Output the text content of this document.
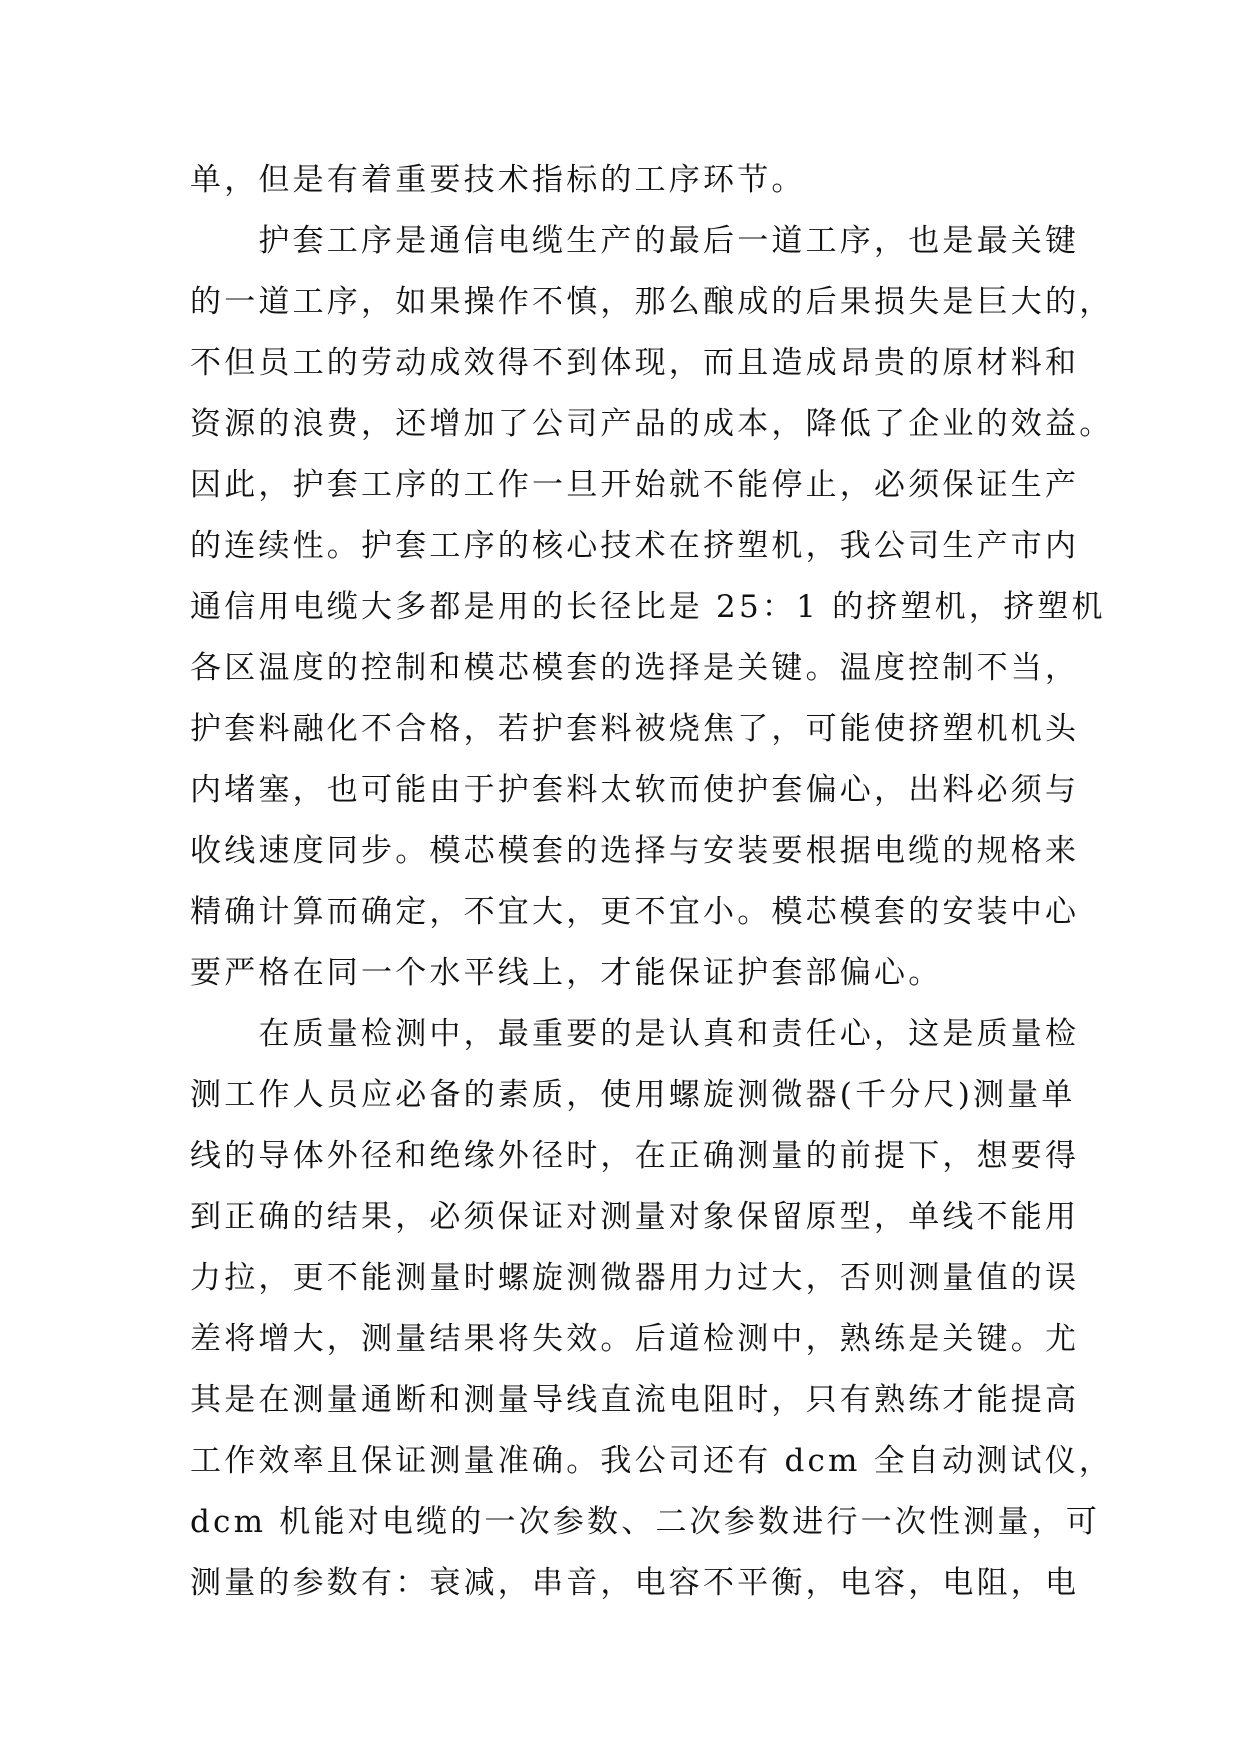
单，但是有着重要技术指标的工序环节。
　　护套工序是通信电缆生产的最后一道工序，也是最关键
的一道工序，如果操作不慎，那么酿成的后果损失是巨大的，
不但员工的劳动成效得不到体现，而且造成昂贵的原材料和
资源的浪费，还增加了公司产品的成本，降低了企业的效益。
因此，护套工序的工作一旦开始就不能停止，必须保证生产
的连续性。护套工序的核心技术在挤塑机，我公司生产市内
通信用电缆大多都是用的长径比是 25：1 的挤塑机，挤塑机
各区温度的控制和模芯模套的选择是关键。温度控制不当，
护套料融化不合格，若护套料被烧焦了，可能使挤塑机机头
内堵塞，也可能由于护套料太软而使护套偏心，出料必须与
收线速度同步。模芯模套的选择与安装要根据电缆的规格来
精确计算而确定，不宜大，更不宜小。模芯模套的安装中心
要严格在同一个水平线上，才能保证护套部偏心。
　　在质量检测中，最重要的是认真和责任心，这是质量检
测工作人员应必备的素质，使用螺旋测微器(千分尺)测量单
线的导体外径和绝缘外径时，在正确测量的前提下，想要得
到正确的结果，必须保证对测量对象保留原型，单线不能用
力拉，更不能测量时螺旋测微器用力过大，否则测量值的误
差将增大，测量结果将失效。后道检测中，熟练是关键。尤
其是在测量通断和测量导线直流电阻时，只有熟练才能提高
工作效率且保证测量准确。我公司还有 dcm 全自动测试仪，
dcm 机能对电缆的一次参数、二次参数进行一次性测量，可
测量的参数有：衰减，串音，电容不平衡，电容，电阻，电
